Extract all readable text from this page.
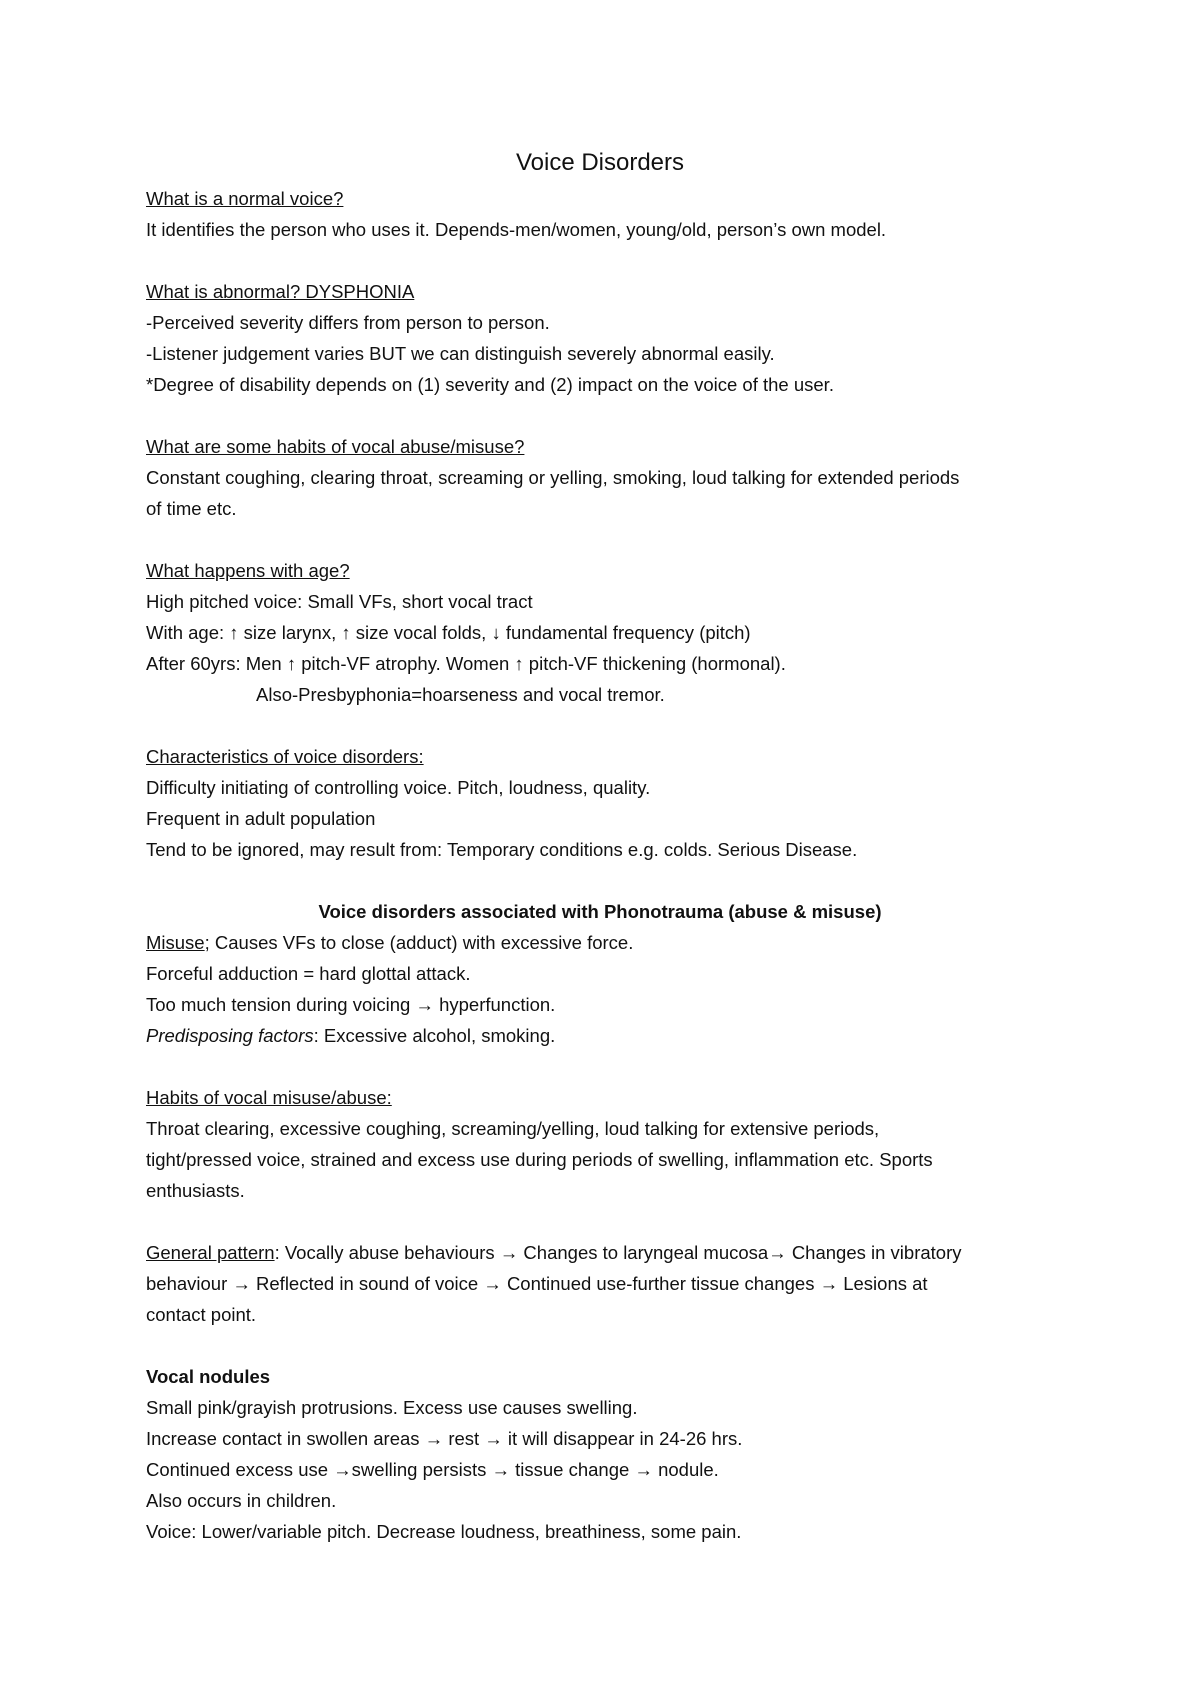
Voice Disorders
What is a normal voice?
It identifies the person who uses it. Depends-men/women, young/old, person’s own model.
What is abnormal? DYSPHONIA
-Perceived severity differs from person to person.
-Listener judgement varies BUT we can distinguish severely abnormal easily.
*Degree of disability depends on (1) severity and (2) impact on the voice of the user.
What are some habits of vocal abuse/misuse?
Constant coughing, clearing throat, screaming or yelling, smoking, loud talking for extended periods
of time etc.
What happens with age?
High pitched voice: Small VFs, short vocal tract
With age: ↑ size larynx, ↑ size vocal folds, ↓ fundamental frequency (pitch)
After 60yrs: Men ↑ pitch-VF atrophy. Women ↑ pitch-VF thickening (hormonal).
Also-Presbyphonia=hoarseness and vocal tremor.
Characteristics of voice disorders:
Difficulty initiating of controlling voice. Pitch, loudness, quality.
Frequent in adult population
Tend to be ignored, may result from: Temporary conditions e.g. colds. Serious Disease.
Voice disorders associated with Phonotrauma (abuse & misuse)
Misuse; Causes VFs to close (adduct) with excessive force.
Forceful adduction = hard glottal attack.
Too much tension during voicing → hyperfunction.
Predisposing factors: Excessive alcohol, smoking.
Habits of vocal misuse/abuse:
Throat clearing, excessive coughing, screaming/yelling, loud talking for extensive periods,
tight/pressed voice, strained and excess use during periods of swelling, inflammation etc. Sports
enthusiasts.
General pattern: Vocally abuse behaviours → Changes to laryngeal mucosa→ Changes in vibratory
behaviour → Reflected in sound of voice → Continued use-further tissue changes → Lesions at
contact point.
Vocal nodules
Small pink/grayish protrusions. Excess use causes swelling.
Increase contact in swollen areas → rest → it will disappear in 24-26 hrs.
Continued excess use →swelling persists → tissue change → nodule.
Also occurs in children.
Voice: Lower/variable pitch. Decrease loudness, breathiness, some pain.
